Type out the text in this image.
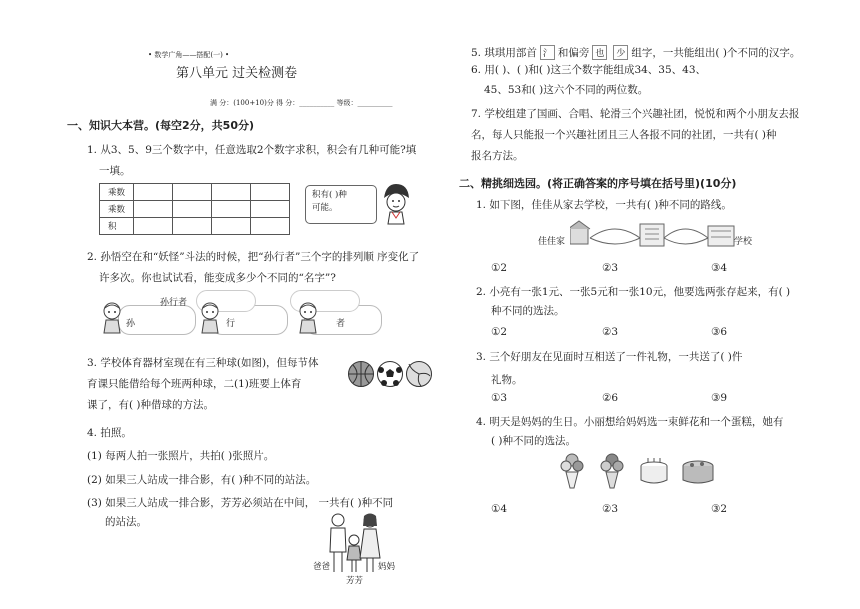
• 数学广角——搭配(一) •
第八单元 过关检测卷
满 分：(100+10)分 得 分：__________ 等级：__________
一、知识大本营。(每空2分，共50分)
1. 从3、5、9三个数字中，任意选取2个数字求积，积会有几种可能?填
一填。
乘数				
乘数				
积				
积有( )种
可能。
2. 孙悟空在和“妖怪”斗法的时候，把“孙行者”三个字的排列顺 序变化了
许多次。你也试试看，能变成多少个不同的“名字”?
孙行者
孙	行	者
3. 学校体育器材室现在有三种球(如图)，但每节体
育课只能借给每个班两种球，二(1)班要上体育
课了，有( )种借球的方法。
4. 拍照。
(1) 每两人拍一张照片，共拍( )张照片。
(2) 如果三人站成一排合影，有( )种不同的站法。
(3) 如果三人站成一排合影，芳芳必须站在中间， 一共有( )种不同
的站法。
爸爸	妈妈
芳芳
5. 琪琪用部首 氵 和偏旁 也 少 组字，一共能组出( )个不同的汉字。
6. 用( )、( )和( )这三个数字能组成34、35、43、
45、53和( )这六个不同的两位数。
7. 学校组建了国画、合唱、轮滑三个兴趣社团，悦悦和两个小朋友去报
名，每人只能报一个兴趣社团且三人各报不同的社团，一共有( )种
报名方法。
二、精挑细选园。(将正确答案的序号填在括号里)(10分)
1. 如下图，佳佳从家去学校，一共有( )种不同的路线。
佳佳家	学校
①2	②3	③4
2. 小亮有一张1元、一张5元和一张10元，他要选两张存起来，有( )
种不同的选法。
①2	②3	③6
3. 三个好朋友在见面时互相送了一件礼物，一共送了( )件
礼物。
①3	②6	③9
4. 明天是妈妈的生日。小丽想给妈妈选一束鲜花和一个蛋糕，她有
( )种不同的选法。
①4	②3	③2
